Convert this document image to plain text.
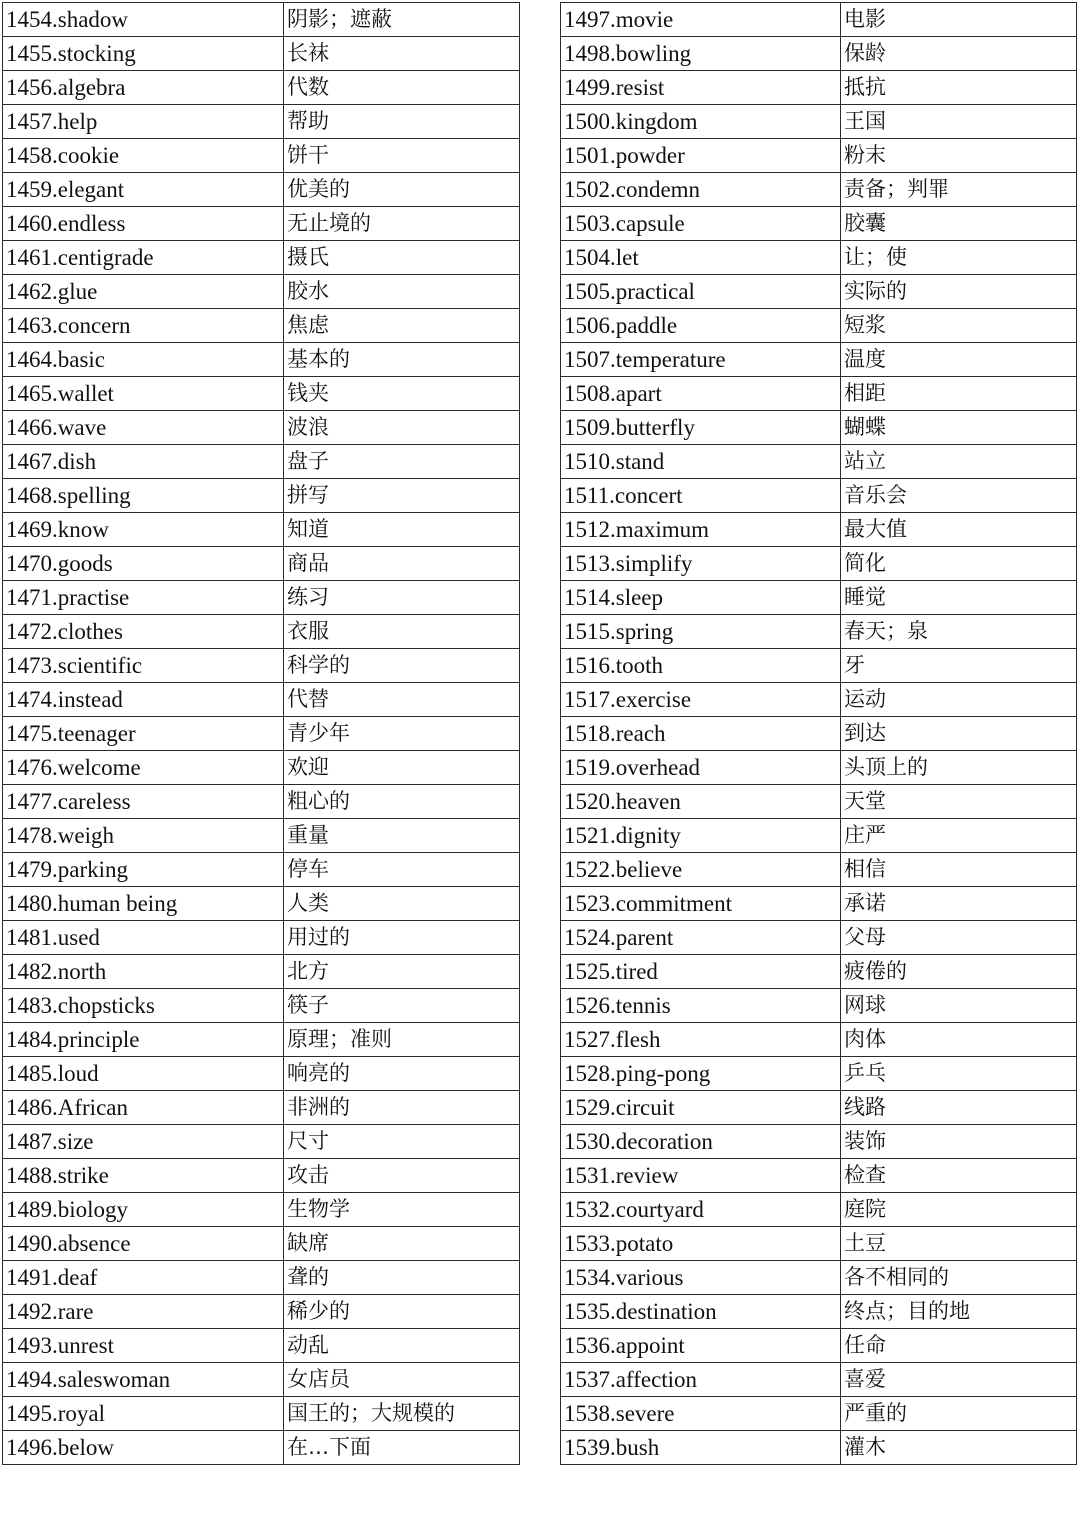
1454.shadow	阴影；遮蔽
1455.stocking	长袜
1456.algebra	代数
1457.help	帮助
1458.cookie	饼干
1459.elegant	优美的
1460.endless	无止境的
1461.centigrade	摄氏
1462.glue	胶水
1463.concern	焦虑
1464.basic	基本的
1465.wallet	钱夹
1466.wave	波浪
1467.dish	盘子
1468.spelling	拼写
1469.know	知道
1470.goods	商品
1471.practise	练习
1472.clothes	衣服
1473.scientific	科学的
1474.instead	代替
1475.teenager	青少年
1476.welcome	欢迎
1477.careless	粗心的
1478.weigh	重量
1479.parking	停车
1480.human being	人类
1481.used	用过的
1482.north	北方
1483.chopsticks	筷子
1484.principle	原理；准则
1485.loud	响亮的
1486.African	非洲的
1487.size	尺寸
1488.strike	攻击
1489.biology	生物学
1490.absence	缺席
1491.deaf	聋的
1492.rare	稀少的
1493.unrest	动乱
1494.saleswoman	女店员
1495.royal	国王的；大规模的
1496.below	在…下面
1497.movie	电影
1498.bowling	保龄
1499.resist	抵抗
1500.kingdom	王国
1501.powder	粉末
1502.condemn	责备；判罪
1503.capsule	胶囊
1504.let	让；使
1505.practical	实际的
1506.paddle	短浆
1507.temperature	温度
1508.apart	相距
1509.butterfly	蝴蝶
1510.stand	站立
1511.concert	音乐会
1512.maximum	最大值
1513.simplify	简化
1514.sleep	睡觉
1515.spring	春天；泉
1516.tooth	牙
1517.exercise	运动
1518.reach	到达
1519.overhead	头顶上的
1520.heaven	天堂
1521.dignity	庄严
1522.believe	相信
1523.commitment	承诺
1524.parent	父母
1525.tired	疲倦的
1526.tennis	网球
1527.flesh	肉体
1528.ping-pong	乒乓
1529.circuit	线路
1530.decoration	装饰
1531.review	检查
1532.courtyard	庭院
1533.potato	土豆
1534.various	各不相同的
1535.destination	终点；目的地
1536.appoint	任命
1537.affection	喜爱
1538.severe	严重的
1539.bush	灌木
